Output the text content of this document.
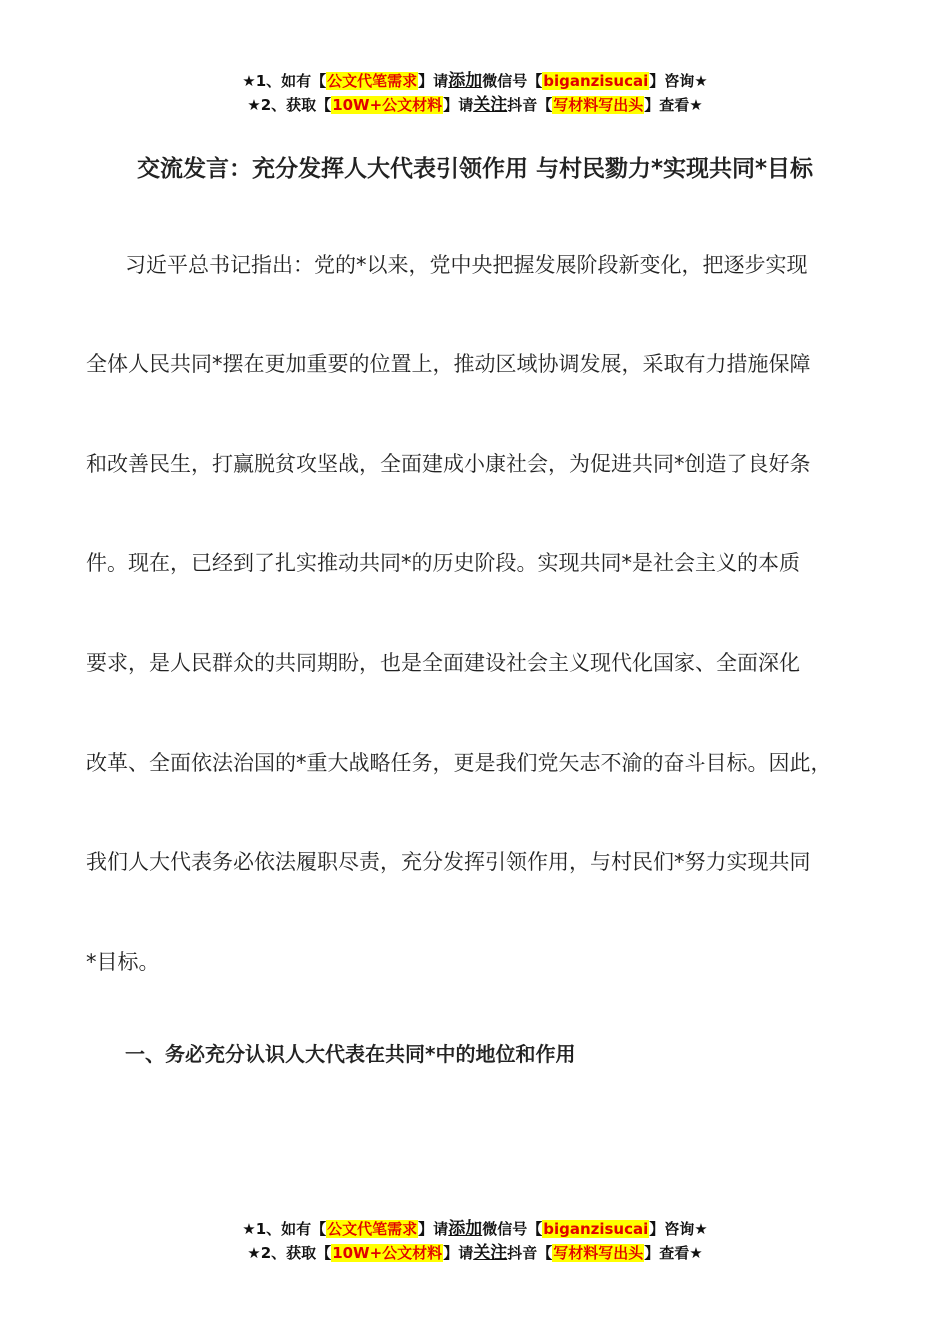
★1、如有【公文代笔需求】请添加微信号【biganzisucai】咨询★
★2、获取【10W+公文材料】请关注抖音【写材料写出头】查看★
交流发言：充分发挥人大代表引领作用 与村民勠力*实现共同*目标
习近平总书记指出：党的*以来，党中央把握发展阶段新变化，把逐步实现
全体人民共同*摆在更加重要的位置上，推动区域协调发展，采取有力措施保障
和改善民生，打赢脱贫攻坚战，全面建成小康社会，为促进共同*创造了良好条
件。现在，已经到了扎实推动共同*的历史阶段。实现共同*是社会主义的本质
要求，是人民群众的共同期盼，也是全面建设社会主义现代化国家、全面深化
改革、全面依法治国的*重大战略任务，更是我们党矢志不渝的奋斗目标。因此，
我们人大代表务必依法履职尽责，充分发挥引领作用，与村民们*努力实现共同
*目标。
一、务必充分认识人大代表在共同*中的地位和作用
★1、如有【公文代笔需求】请添加微信号【biganzisucai】咨询★
★2、获取【10W+公文材料】请关注抖音【写材料写出头】查看★
